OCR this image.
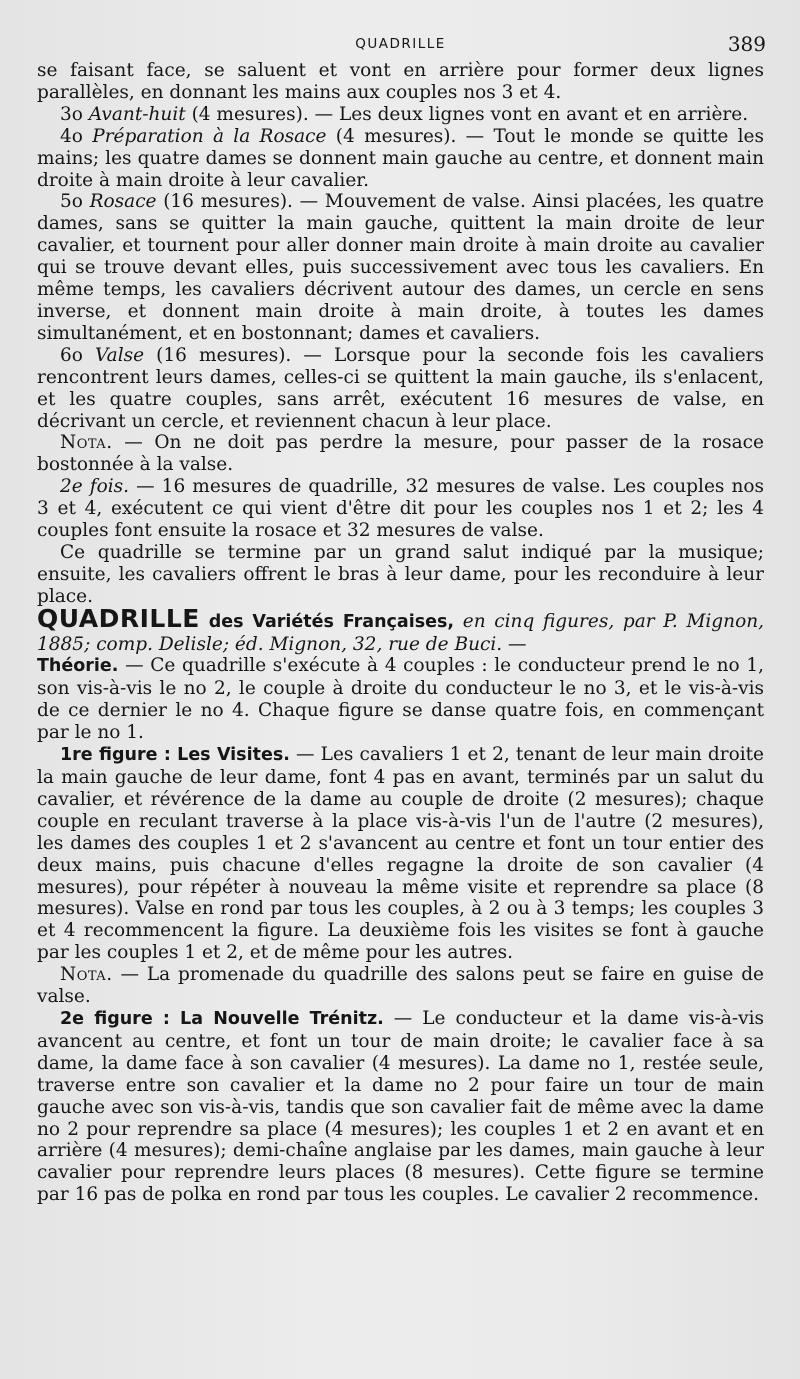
QUADRILLE	389

se faisant face, se saluent et vont en arrière pour former deux lignes parallèles, en donnant les mains aux couples nos 3 et 4.

3o Avant-huit (4 mesures). — Les deux lignes vont en avant et en arrière.

4o Préparation à la Rosace (4 mesures). — Tout le monde se quitte les mains; les quatre dames se donnent main gauche au centre, et donnent main droite à main droite à leur cavalier.

5o Rosace (16 mesures). — Mouvement de valse. Ainsi placées, les quatre dames, sans se quitter la main gauche, quittent la main droite de leur cavalier, et tournent pour aller donner main droite à main droite au cavalier qui se trouve devant elles, puis successivement avec tous les cavaliers. En même temps, les cavaliers décrivent autour des dames, un cercle en sens inverse, et donnent main droite à main droite, à toutes les dames simultanément, et en bostonnant; dames et cavaliers.

6o Valse (16 mesures). — Lorsque pour la seconde fois les cavaliers rencontrent leurs dames, celles-ci se quittent la main gauche, ils s'enlacent, et les quatre couples, sans arrêt, exécutent 16 mesures de valse, en décrivant un cercle, et reviennent chacun à leur place.

Nota. — On ne doit pas perdre la mesure, pour passer de la rosace bostonnée à la valse.

2e fois. — 16 mesures de quadrille, 32 mesures de valse. Les couples nos 3 et 4, exécutent ce qui vient d'être dit pour les couples nos 1 et 2; les 4 couples font ensuite la rosace et 32 mesures de valse.

Ce quadrille se termine par un grand salut indiqué par la musique; ensuite, les cavaliers offrent le bras à leur dame, pour les reconduire à leur place.

QUADRILLE des Variétés Françaises, en cinq figures, par P. Mignon, 1885; comp. Delisle; éd. Mignon, 32, rue de Buci. —

Théorie. — Ce quadrille s'exécute à 4 couples : le conducteur prend le no 1, son vis-à-vis le no 2, le couple à droite du conducteur le no 3, et le vis-à-vis de ce dernier le no 4. Chaque figure se danse quatre fois, en commençant par le no 1.

1re figure : Les Visites. — Les cavaliers 1 et 2, tenant de leur main droite la main gauche de leur dame, font 4 pas en avant, terminés par un salut du cavalier, et révérence de la dame au couple de droite (2 mesures); chaque couple en reculant traverse à la place vis-à-vis l'un de l'autre (2 mesures), les dames des couples 1 et 2 s'avancent au centre et font un tour entier des deux mains, puis chacune d'elles regagne la droite de son cavalier (4 mesures), pour répéter à nouveau la même visite et reprendre sa place (8 mesures). Valse en rond par tous les couples, à 2 ou à 3 temps; les couples 3 et 4 recommencent la figure. La deuxième fois les visites se font à gauche par les couples 1 et 2, et de même pour les autres.

Nota. — La promenade du quadrille des salons peut se faire en guise de valse.

2e figure : La Nouvelle Trénitz. — Le conducteur et la dame vis-à-vis avancent au centre, et font un tour de main droite; le cavalier face à sa dame, la dame face à son cavalier (4 mesures). La dame no 1, restée seule, traverse entre son cavalier et la dame no 2 pour faire un tour de main gauche avec son vis-à-vis, tandis que son cavalier fait de même avec la dame no 2 pour reprendre sa place (4 mesures); les couples 1 et 2 en avant et en arrière (4 mesures); demi-chaîne anglaise par les dames, main gauche à leur cavalier pour reprendre leurs places (8 mesures). Cette figure se termine par 16 pas de polka en rond par tous les couples. Le cavalier 2 recommence.
